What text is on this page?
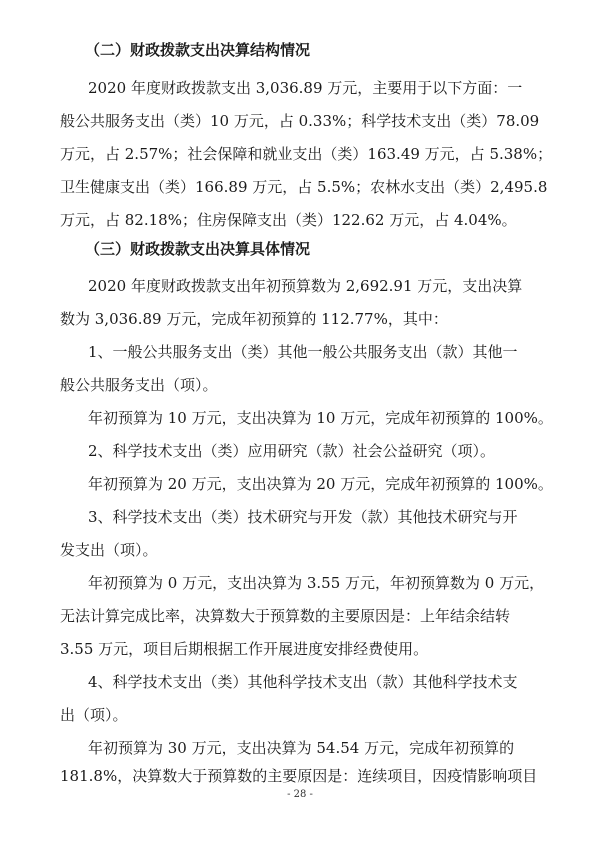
（二）财政拨款支出决算结构情况
2020 年度财政拨款支出 3,036.89 万元，主要用于以下方面：一
般公共服务支出（类）10 万元，占 0.33%；科学技术支出（类）78.09
万元，占 2.57%；社会保障和就业支出（类）163.49 万元，占 5.38%；
卫生健康支出（类）166.89 万元，占 5.5%；农林水支出（类）2,495.8
万元，占 82.18%；住房保障支出（类）122.62 万元，占 4.04%。
（三）财政拨款支出决算具体情况
2020 年度财政拨款支出年初预算数为 2,692.91 万元，支出决算
数为 3,036.89 万元，完成年初预算的 112.77%，其中：
1、一般公共服务支出（类）其他一般公共服务支出（款）其他一
般公共服务支出（项）。
年初预算为 10 万元，支出决算为 10 万元，完成年初预算的 100%。
2、科学技术支出（类）应用研究（款）社会公益研究（项）。
年初预算为 20 万元，支出决算为 20 万元，完成年初预算的 100%。
3、科学技术支出（类）技术研究与开发（款）其他技术研究与开
发支出（项）。
年初预算为 0 万元，支出决算为 3.55 万元，年初预算数为 0 万元，
无法计算完成比率，决算数大于预算数的主要原因是：上年结余结转
3.55 万元，项目后期根据工作开展进度安排经费使用。
4、科学技术支出（类）其他科学技术支出（款）其他科学技术支
出（项）。
年初预算为 30 万元，支出决算为 54.54 万元，完成年初预算的
181.8%，决算数大于预算数的主要原因是：连续项目，因疫情影响项目
- 28 -
